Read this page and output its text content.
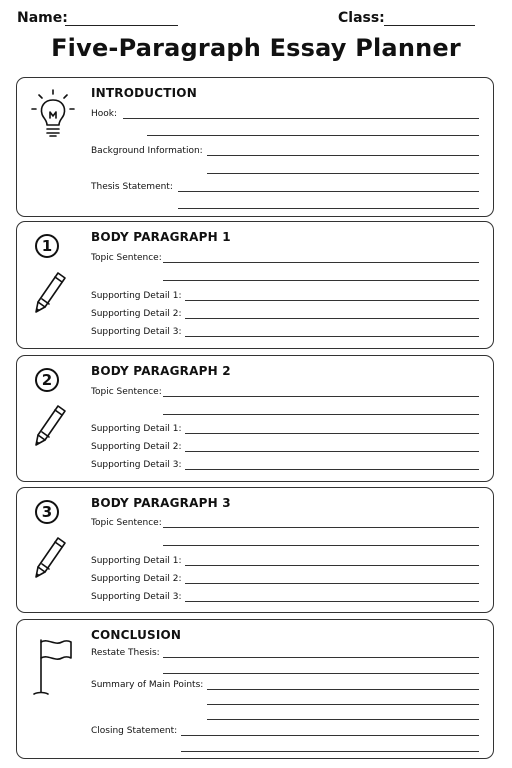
Name:	Class:
Five-Paragraph Essay Planner
INTRODUCTION
Hook:
Background Information:
Thesis Statement:
1	BODY PARAGRAPH 1
Topic Sentence:
Supporting Detail 1:
Supporting Detail 2:
Supporting Detail 3:
2	BODY PARAGRAPH 2
Topic Sentence:
Supporting Detail 1:
Supporting Detail 2:
Supporting Detail 3:
3	BODY PARAGRAPH 3
Topic Sentence:
Supporting Detail 1:
Supporting Detail 2:
Supporting Detail 3:
CONCLUSION
Restate Thesis:
Summary of Main Points:
Closing Statement:
